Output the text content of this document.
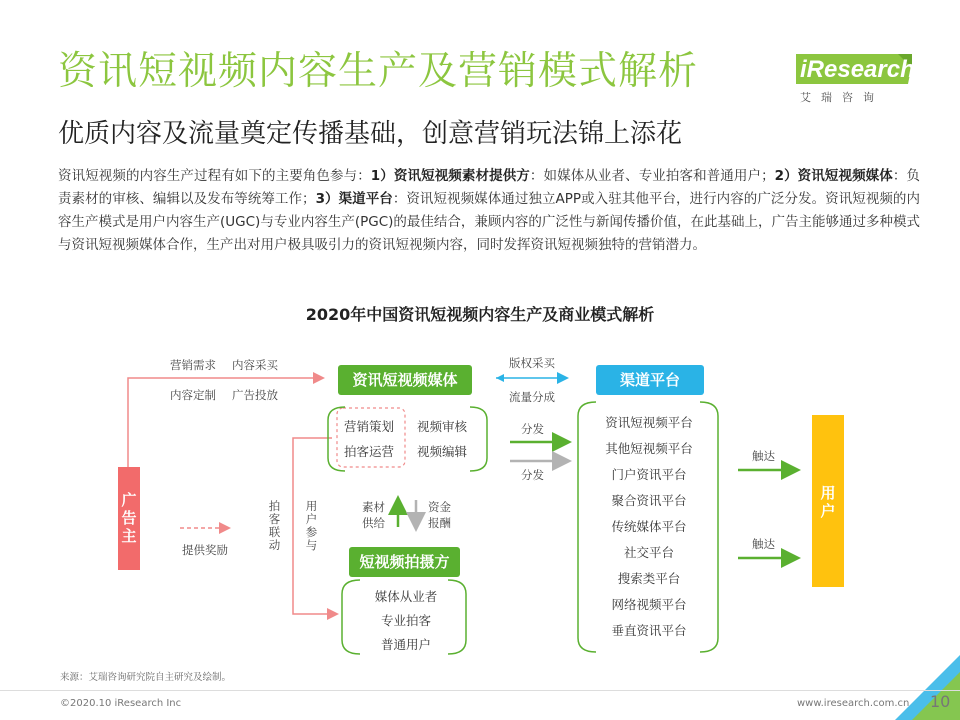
资讯短视频内容生产及营销模式解析
优质内容及流量奠定传播基础，创意营销玩法锦上添花
iResearch
艾瑞咨询
资讯短视频的内容生产过程有如下的主要角色参与：1）资讯短视频素材提供方：如媒体从业者、专业拍客和普通用户；2）资讯短视频媒体：负责素材的审核、编辑以及发布等统筹工作；3）渠道平台：资讯短视频媒体通过独立APP或入驻其他平台，进行内容的广泛分发。资讯短视频的内容生产模式是用户内容生产(UGC)与专业内容生产(PGC)的最佳结合，兼顾内容的广泛性与新闻传播价值，在此基础上，广告主能够通过多种模式与资讯短视频媒体合作，生产出对用户极具吸引力的资讯短视频内容，同时发挥资讯短视频独特的营销潜力。
2020年中国资讯短视频内容生产及商业模式解析
资讯短视频媒体
短视频拍摄方
渠道平台
广
告
主
用
户
营销需求 内容采买
内容定制 广告投放
提供奖励
拍
客
联
动
用
户
参
与
营销策划
拍客运营
视频审核
视频编辑
素材供给
资金报酬
媒体从业者
专业拍客
普通用户
版权采买
流量分成
分发
分发
资讯短视频平台
其他短视频平台
门户资讯平台
聚合资讯平台
传统媒体平台
社交平台
搜索类平台
网络视频平台
垂直资讯平台
触达
触达
来源：艾瑞咨询研究院自主研究及绘制。
©2020.10 iResearch Inc	www.iresearch.com.cn 10
